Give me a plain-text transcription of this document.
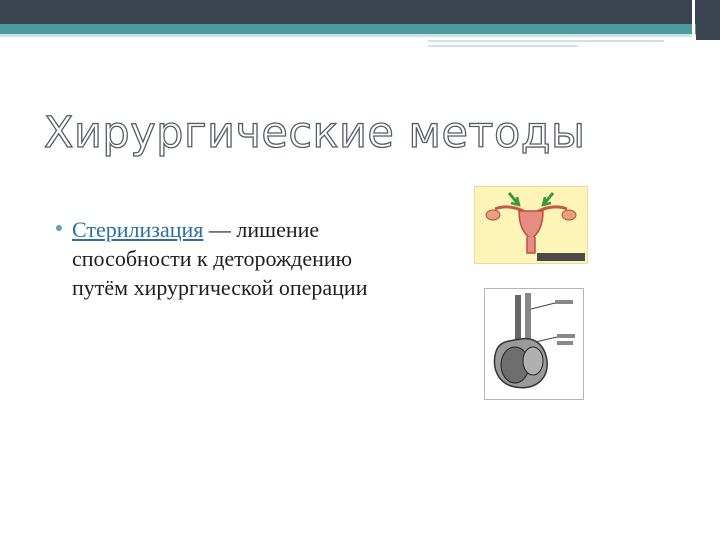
Хирургические методы
Стерилизация — лишение способности к деторождению путём хирургической операции
